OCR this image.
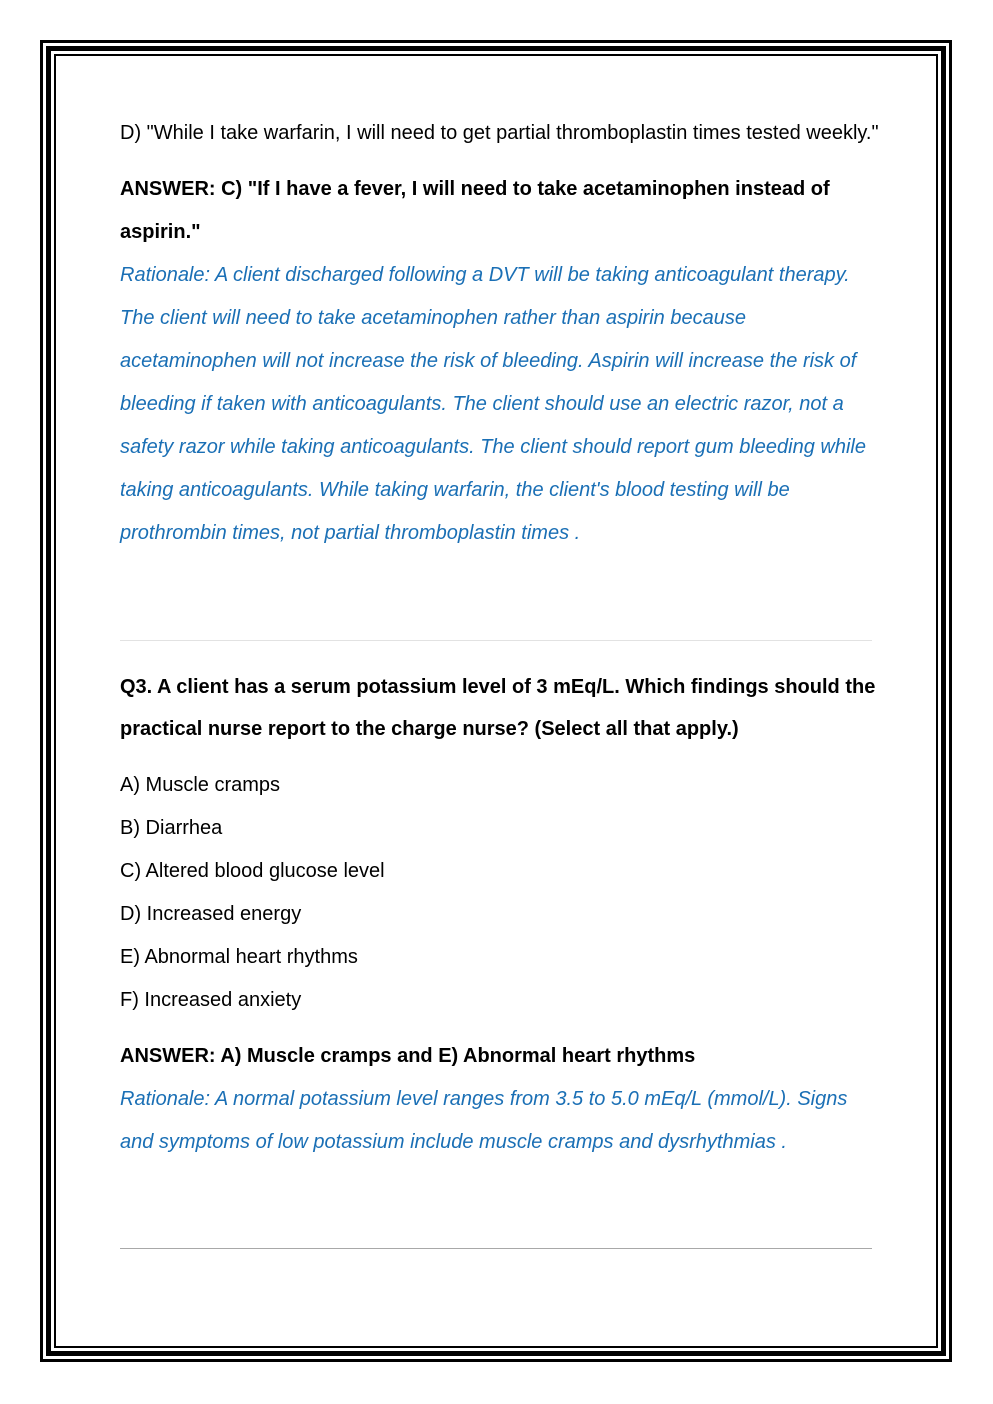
D) "While I take warfarin, I will need to get partial thromboplastin times tested weekly."

ANSWER: C) "If I have a fever, I will need to take acetaminophen instead of aspirin."

Rationale: A client discharged following a DVT will be taking anticoagulant therapy. The client will need to take acetaminophen rather than aspirin because acetaminophen will not increase the risk of bleeding. Aspirin will increase the risk of bleeding if taken with anticoagulants. The client should use an electric razor, not a safety razor while taking anticoagulants. The client should report gum bleeding while taking anticoagulants. While taking warfarin, the client's blood testing will be prothrombin times, not partial thromboplastin times .

Q3. A client has a serum potassium level of 3 mEq/L. Which findings should the practical nurse report to the charge nurse? (Select all that apply.)

A) Muscle cramps

B) Diarrhea

C) Altered blood glucose level

D) Increased energy

E) Abnormal heart rhythms

F) Increased anxiety

ANSWER: A) Muscle cramps and E) Abnormal heart rhythms

Rationale: A normal potassium level ranges from 3.5 to 5.0 mEq/L (mmol/L). Signs and symptoms of low potassium include muscle cramps and dysrhythmias .
